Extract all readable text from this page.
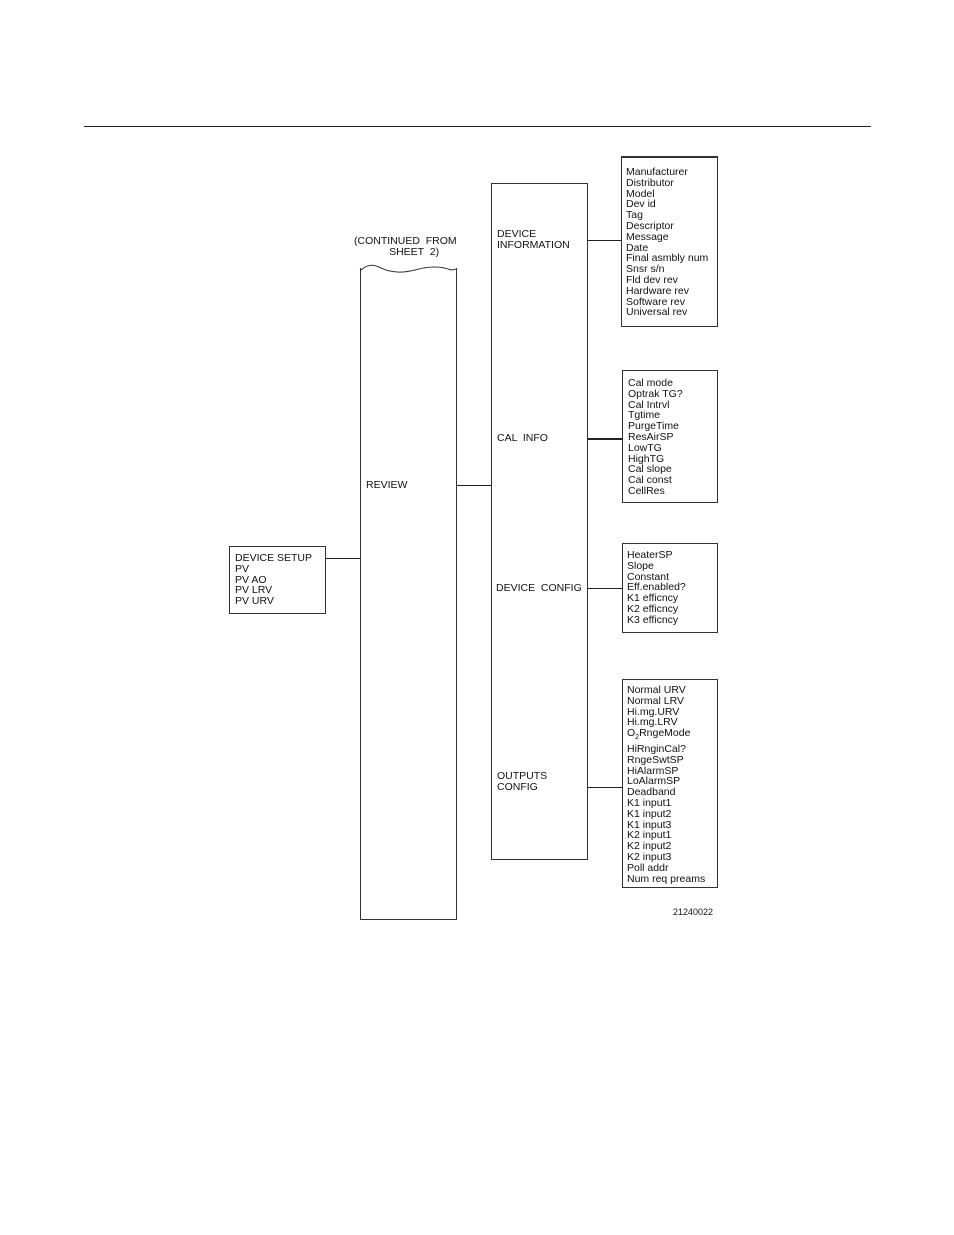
(CONTINUED  FROM
SHEET  2)
REVIEW
DEVICE SETUP
PV
PV AO
PV LRV
PV URV
DEVICE
INFORMATION
CAL  INFO
DEVICE  CONFIG
OUTPUTS
CONFIG
Manufacturer
Distributor
Model
Dev id
Tag
Descriptor
Message
Date
Final asmbly num
Snsr s/n
Fld dev rev
Hardware rev
Software rev
Universal rev
Cal mode
Optrak TG?
Cal Intrvl
Tgtime
PurgeTime
ResAirSP
LowTG
HighTG
Cal slope
Cal const
CellRes
HeaterSP
Slope
Constant
Eff.enabled?
K1 efficncy
K2 efficncy
K3 efficncy
Normal URV
Normal LRV
Hi.mg.URV
Hi.mg.LRV
$O_2RngeMode$
HiRnginCal?
RngeSwtSP
HiAlarmSP
LoAlarmSP
Deadband
K1 input1
K1 input2
K1 input3
K2 input1
K2 input2
K2 input3
Poll addr
Num req preams
21240022
